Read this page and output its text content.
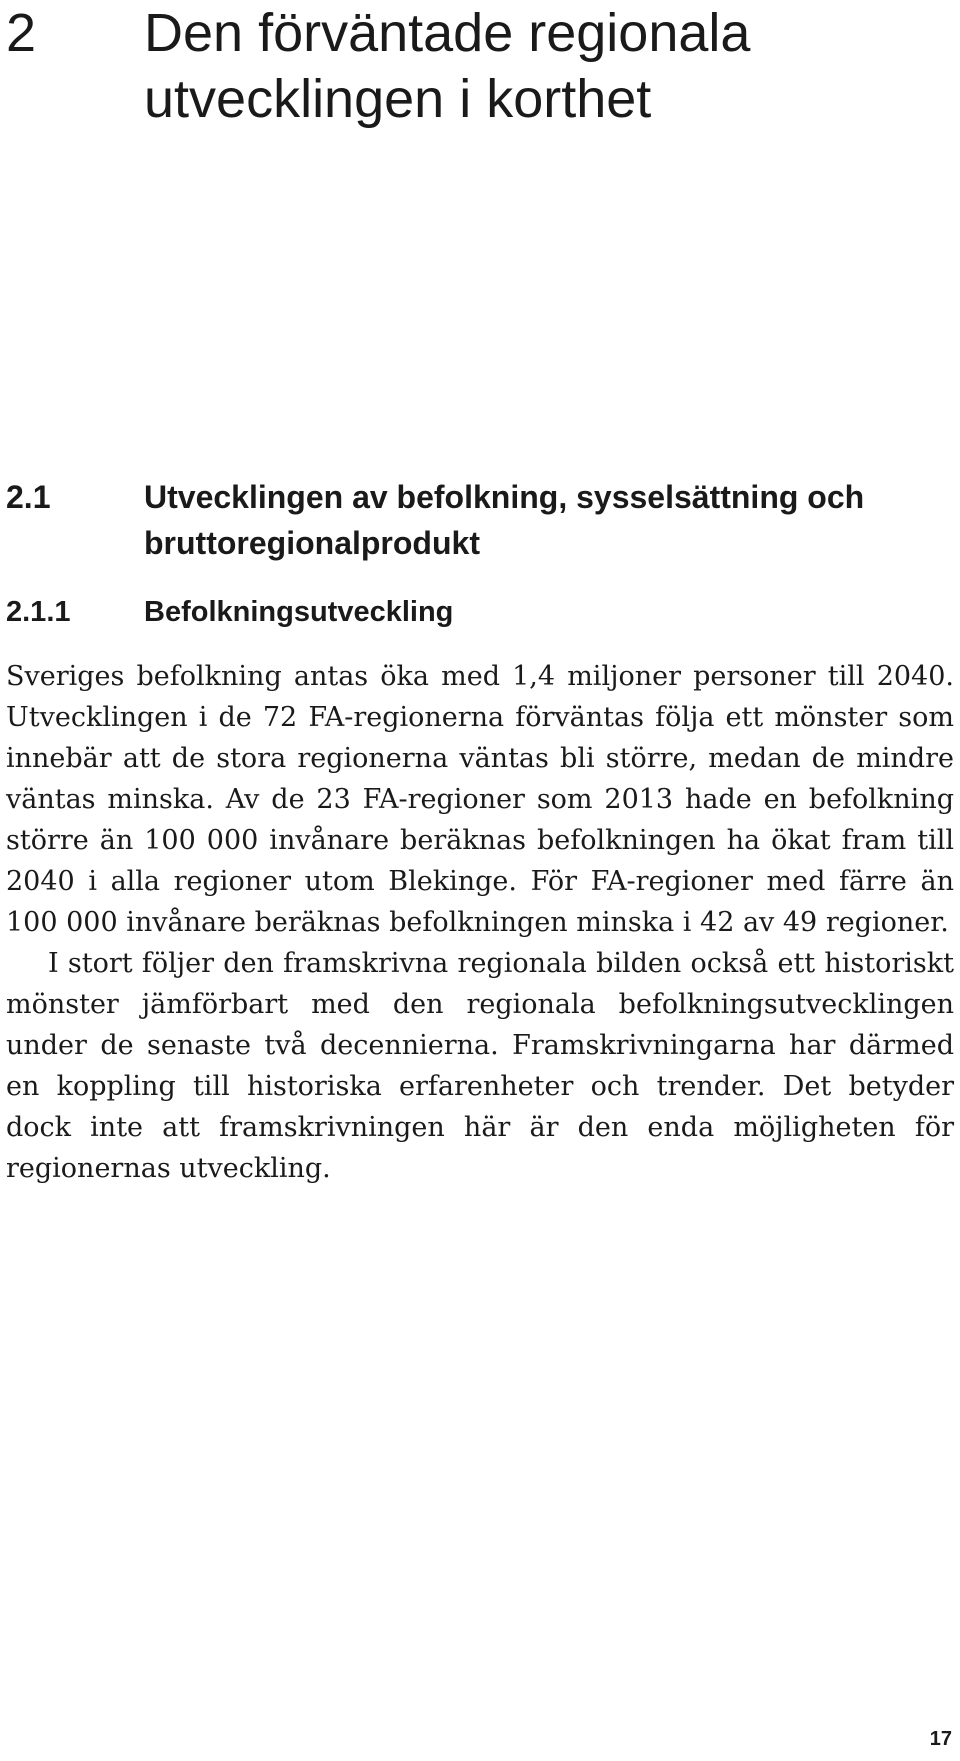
2 Den förväntade regionala utvecklingen i korthet
2.1	Utvecklingen av befolkning, sysselsättning och bruttoregionalprodukt
2.1.1	Befolkningsutveckling

Sveriges befolkning antas öka med 1,4 miljoner personer till 2040. Utvecklingen i de 72 FA-regionerna förväntas följa ett mönster som innebär att de stora regionerna väntas bli större, medan de mindre väntas minska. Av de 23 FA-regioner som 2013 hade en befolkning större än 100 000 invånare beräknas befolkningen ha ökat fram till 2040 i alla regioner utom Blekinge. För FA-regioner med färre än 100 000 invånare beräknas befolkningen minska i 42 av 49 regioner.

I stort följer den framskrivna regionala bilden också ett historiskt mönster jämförbart med den regionala befolkningsutvecklingen under de senaste två decennierna. Framskrivningarna har därmed en koppling till historiska erfarenheter och trender. Det betyder dock inte att framskrivningen här är den enda möjligheten för regionernas utveckling.

17
